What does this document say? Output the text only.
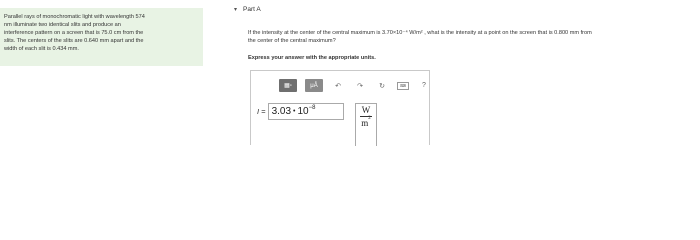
Parallel rays of monochromatic light with wavelength 574
nm illuminate two identical slits and produce an
interference pattern on a screen that is 75.0 cm from the
slits. The centers of the slits are 0.640 mm apart and the
width of each slit is 0.434 mm.
▾ Part A
If the intensity at the center of the central maximum is 3.70×10⁻⁴ W/m² , what is the intensity at a point on the screen that is 0.800 mm from
the center of the central maximum?
Express your answer with the appropriate units.
▦▫	μÅ	↶	↷	↻	⌨	?
I = 3.03 • $10^{-8}$	W
$m^2$
